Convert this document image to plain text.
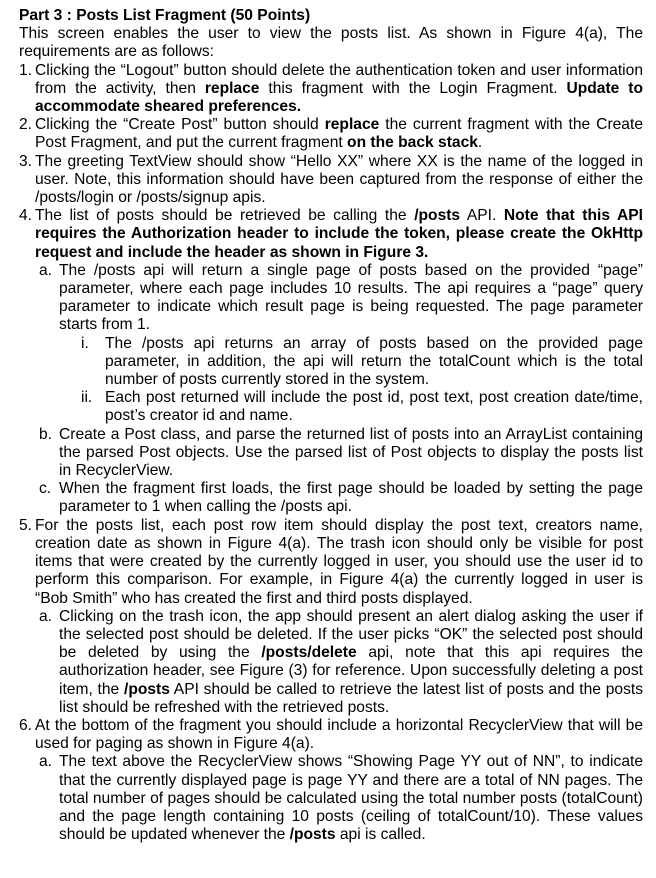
Part 3 : Posts List Fragment (50 Points)

This screen enables the user to view the posts list. As shown in Figure 4(a), The requirements are as follows:

1. Clicking the “Logout” button should delete the authentication token and user information from the activity, then replace this fragment with the Login Fragment. Update to accommodate sheared preferences.
2. Clicking the “Create Post” button should replace the current fragment with the Create Post Fragment, and put the current fragment on the back stack.
3. The greeting TextView should show “Hello XX” where XX is the name of the logged in user. Note, this information should have been captured from the response of either the /posts/login or /posts/signup apis.
4. The list of posts should be retrieved be calling the /posts API. Note that this API requires the Authorization header to include the token, please create the OkHttp request and include the header as shown in Figure 3.
a. The /posts api will return a single page of posts based on the provided “page” parameter, where each page includes 10 results. The api requires a “page” query parameter to indicate which result page is being requested. The page parameter starts from 1.
i.	The /posts api returns an array of posts based on the provided page parameter, in addition, the api will return the totalCount which is the total number of posts currently stored in the system.
ii. Each post returned will include the post id, post text, post creation date/time, post’s creator id and name.
b. Create a Post class, and parse the returned list of posts into an ArrayList containing the parsed Post objects. Use the parsed list of Post objects to display the posts list in RecyclerView.
c. When the fragment first loads, the first page should be loaded by setting the page parameter to 1 when calling the /posts api.
5. For the posts list, each post row item should display the post text, creators name, creation date as shown in Figure 4(a). The trash icon should only be visible for post items that were created by the currently logged in user, you should use the user id to perform this comparison. For example, in Figure 4(a) the currently logged in user is “Bob Smith” who has created the first and third posts displayed.
a. Clicking on the trash icon, the app should present an alert dialog asking the user if the selected post should be deleted. If the user picks “OK” the selected post should be deleted by using the /posts/delete api, note that this api requires the authorization header, see Figure (3) for reference. Upon successfully deleting a post item, the /posts API should be called to retrieve the latest list of posts and the posts list should be refreshed with the retrieved posts.
6. At the bottom of the fragment you should include a horizontal RecyclerView that will be used for paging as shown in Figure 4(a).
a. The text above the RecyclerView shows “Showing Page YY out of NN”, to indicate that the currently displayed page is page YY and there are a total of NN pages. The total number of pages should be calculated using the total number posts (totalCount) and the page length containing 10 posts (ceiling of totalCount/10). These values should be updated whenever the /posts api is called.
